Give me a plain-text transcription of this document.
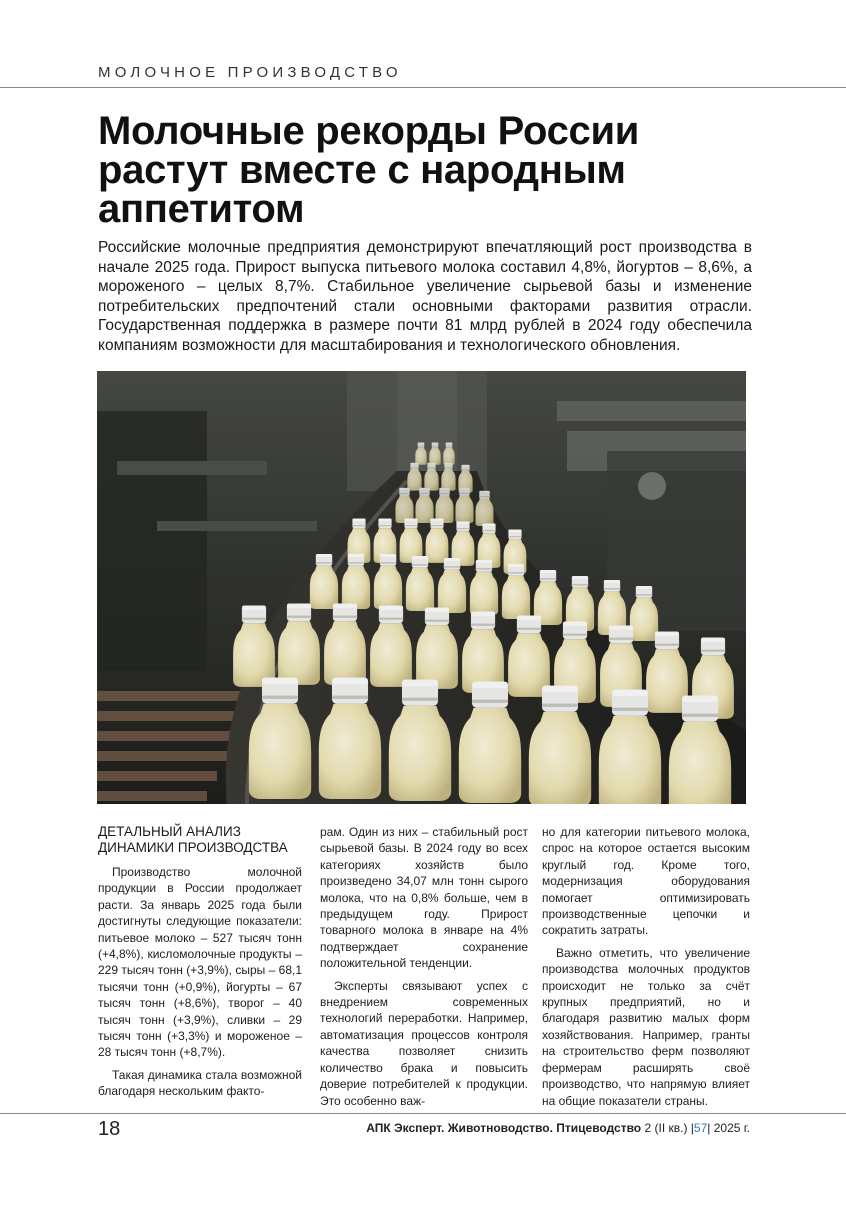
МОЛОЧНОЕ ПРОИЗВОДСТВО
Молочные рекорды России растут вместе с народным аппетитом

Российские молочные предприятия демонстрируют впечатляющий рост производства в начале 2025 года. Прирост выпуска питьевого молока составил 4,8%, йогуртов – 8,6%, а мороженого – целых 8,7%. Стабильное увеличение сырьевой базы и изменение потребительских предпочтений стали основными факторами развития отрасли. Государственная поддержка в размере почти 81 млрд рублей в 2024 году обеспечила компаниям возможности для масштабирования и технологического обновления.

ДЕТАЛЬНЫЙ АНАЛИЗ ДИНАМИКИ ПРОИЗВОДСТВА

Производство молочной продукции в России продолжает расти. За январь 2025 года были достигнуты следующие показатели: питьевое молоко – 527 тысяч тонн (+4,8%), кисломолочные продукты – 229 тысяч тонн (+3,9%), сыры – 68,1 тысячи тонн (+0,9%), йогурты – 67 тысяч тонн (+8,6%), творог – 40 тысяч тонн (+3,9%), сливки – 29 тысяч тонн (+3,3%) и мороженое – 28 тысяч тонн (+8,7%).

Такая динамика стала возможной благодаря нескольким факто-

рам. Один из них – стабильный рост сырьевой базы. В 2024 году во всех категориях хозяйств было произведено 34,07 млн тонн сырого молока, что на 0,8% больше, чем в предыдущем году. Прирост товарного молока в январе на 4% подтверждает сохранение положительной тенденции.

Эксперты связывают успех с внедрением современных технологий переработки. Например, автоматизация процессов контроля качества позволяет снизить количество брака и повысить доверие потребителей к продукции. Это особенно важ-

но для категории питьевого молока, спрос на которое остается высоким круглый год. Кроме того, модернизация оборудования помогает оптимизировать производственные цепочки и сократить затраты.

Важно отметить, что увеличение производства молочных продуктов происходит не только за счёт крупных предприятий, но и благодаря развитию малых форм хозяйствования. Например, гранты на строительство ферм позволяют фермерам расширять своё производство, что напрямую влияет на общие показатели страны.

18	АПК Эксперт. Животноводство. Птицеводство 2 (II кв.) |57| 2025 г.
